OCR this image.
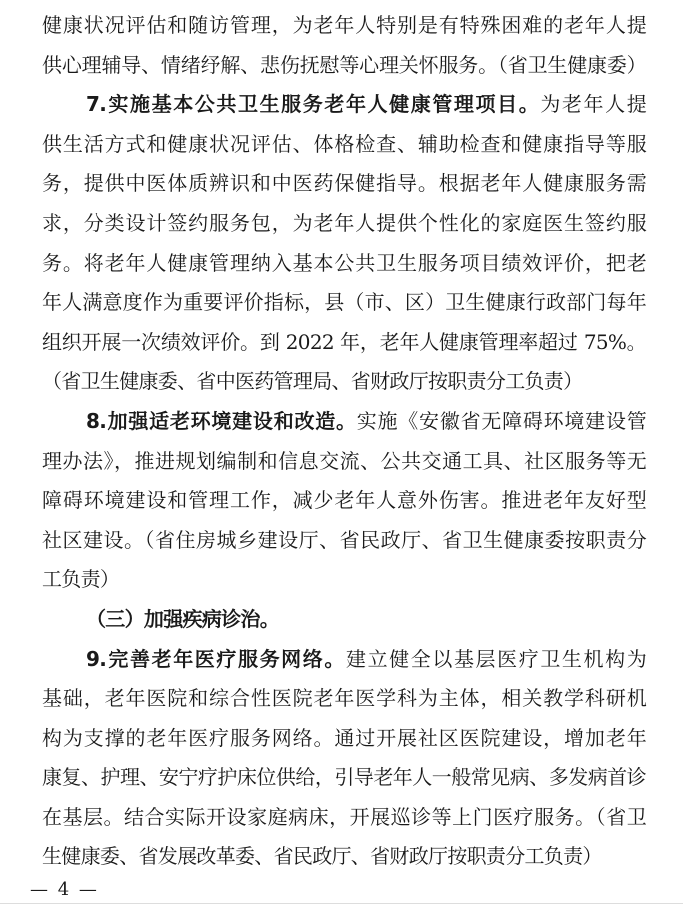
健康状况评估和随访管理，为老年人特别是有特殊困难的老年人提
供心理辅导、情绪纾解、悲伤抚慰等心理关怀服务。（省卫生健康委）
7.实施基本公共卫生服务老年人健康管理项目。为老年人提
供生活方式和健康状况评估、体格检查、辅助检查和健康指导等服
务，提供中医体质辨识和中医药保健指导。根据老年人健康服务需
求，分类设计签约服务包，为老年人提供个性化的家庭医生签约服
务。将老年人健康管理纳入基本公共卫生服务项目绩效评价，把老
年人满意度作为重要评价指标，县（市、区）卫生健康行政部门每年
组织开展一次绩效评价。到 2022 年，老年人健康管理率超过 75%。
（省卫生健康委、省中医药管理局、省财政厅按职责分工负责）
8.加强适老环境建设和改造。实施《安徽省无障碍环境建设管
理办法》，推进规划编制和信息交流、公共交通工具、社区服务等无
障碍环境建设和管理工作，减少老年人意外伤害。推进老年友好型
社区建设。（省住房城乡建设厅、省民政厅、省卫生健康委按职责分
工负责）
（三）加强疾病诊治。
9.完善老年医疗服务网络。建立健全以基层医疗卫生机构为
基础，老年医院和综合性医院老年医学科为主体，相关教学科研机
构为支撑的老年医疗服务网络。通过开展社区医院建设，增加老年
康复、护理、安宁疗护床位供给，引导老年人一般常见病、多发病首诊
在基层。结合实际开设家庭病床，开展巡诊等上门医疗服务。（省卫
生健康委、省发展改革委、省民政厅、省财政厅按职责分工负责）
— 4 —
